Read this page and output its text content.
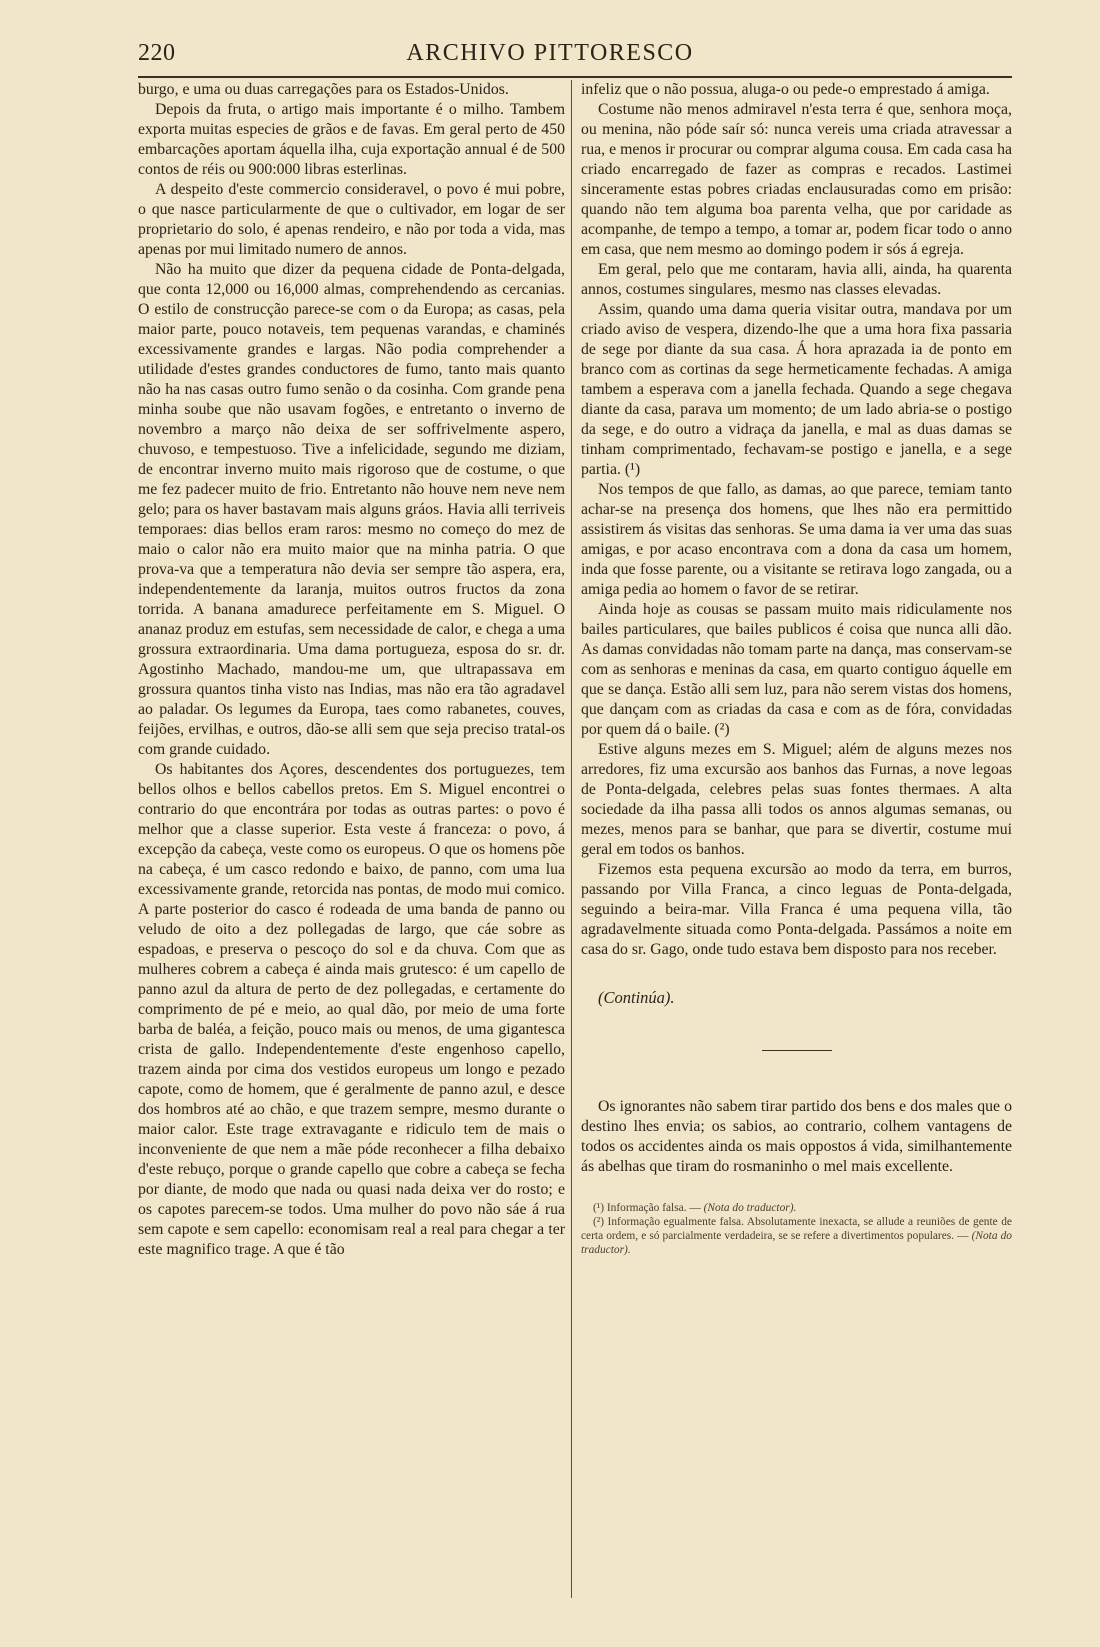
220	ARCHIVO PITTORESCO

burgo, e uma ou duas carregações para os Estados-Unidos.

Depois da fruta, o artigo mais importante é o milho. Tambem exporta muitas especies de grãos e de favas. Em geral perto de 450 embarcações aportam áquella ilha, cuja exportação annual é de 500 contos de réis ou 900:000 libras esterlinas.

A despeito d'este commercio consideravel, o povo é mui pobre, o que nasce particularmente de que o cultivador, em logar de ser proprietario do solo, é apenas rendeiro, e não por toda a vida, mas apenas por mui limitado numero de annos.

Não ha muito que dizer da pequena cidade de Ponta-delgada, que conta 12,000 ou 16,000 almas, comprehendendo as cercanias. O estilo de construcção parece-se com o da Europa; as casas, pela maior parte, pouco notaveis, tem pequenas varandas, e chaminés excessivamente grandes e largas. Não podia comprehender a utilidade d'estes grandes conductores de fumo, tanto mais quanto não ha nas casas outro fumo senão o da cosinha. Com grande pena minha soube que não usavam fogões, e entretanto o inverno de novembro a março não deixa de ser soffrivelmente aspero, chuvoso, e tempestuoso. Tive a infelicidade, segundo me diziam, de encontrar inverno muito mais rigoroso que de costume, o que me fez padecer muito de frio. Entretanto não houve nem neve nem gelo; para os haver bastavam mais alguns gráos. Havia alli terriveis temporaes: dias bellos eram raros: mesmo no começo do mez de maio o calor não era muito maior que na minha patria. O que prova-va que a temperatura não devia ser sempre tão aspera, era, independentemente da laranja, muitos outros fructos da zona torrida. A banana amadurece perfeitamente em S. Miguel. O ananaz produz em estufas, sem necessidade de calor, e chega a uma grossura extraordinaria. Uma dama portugueza, esposa do sr. dr. Agostinho Machado, mandou-me um, que ultrapassava em grossura quantos tinha visto nas Indias, mas não era tão agradavel ao paladar. Os legumes da Europa, taes como rabanetes, couves, feijões, ervilhas, e outros, dão-se alli sem que seja preciso tratal-os com grande cuidado.

Os habitantes dos Açores, descendentes dos portuguezes, tem bellos olhos e bellos cabellos pretos. Em S. Miguel encontrei o contrario do que encontrára por todas as outras partes: o povo é melhor que a classe superior. Esta veste á franceza: o povo, á excepção da cabeça, veste como os europeus. O que os homens põe na cabeça, é um casco redondo e baixo, de panno, com uma lua excessivamente grande, retorcida nas pontas, de modo mui comico. A parte posterior do casco é rodeada de uma banda de panno ou veludo de oito a dez pollegadas de largo, que cáe sobre as espadoas, e preserva o pescoço do sol e da chuva. Com que as mulheres cobrem a cabeça é ainda mais grutesco: é um capello de panno azul da altura de perto de dez pollegadas, e certamente do comprimento de pé e meio, ao qual dão, por meio de uma forte barba de baléa, a feição, pouco mais ou menos, de uma gigantesca crista de gallo. Independentemente d'este engenhoso capello, trazem ainda por cima dos vestidos europeus um longo e pezado capote, como de homem, que é geralmente de panno azul, e desce dos hombros até ao chão, e que trazem sempre, mesmo durante o maior calor. Este trage extravagante e ridiculo tem de mais o inconveniente de que nem a mãe póde reconhecer a filha debaixo d'este rebuço, porque o grande capello que cobre a cabeça se fecha por diante, de modo que nada ou quasi nada deixa ver do rosto; e os capotes parecem-se todos. Uma mulher do povo não sáe á rua sem capote e sem capello: economisam real a real para chegar a ter este magnifico trage. A que é tão

infeliz que o não possua, aluga-o ou pede-o emprestado á amiga.

Costume não menos admiravel n'esta terra é que, senhora moça, ou menina, não póde saír só: nunca vereis uma criada atravessar a rua, e menos ir procurar ou comprar alguma cousa. Em cada casa ha criado encarregado de fazer as compras e recados. Lastimei sinceramente estas pobres criadas enclausuradas como em prisão: quando não tem alguma boa parenta velha, que por caridade as acompanhe, de tempo a tempo, a tomar ar, podem ficar todo o anno em casa, que nem mesmo ao domingo podem ir sós á egreja.

Em geral, pelo que me contaram, havia alli, ainda, ha quarenta annos, costumes singulares, mesmo nas classes elevadas.

Assim, quando uma dama queria visitar outra, mandava por um criado aviso de vespera, dizendo-lhe que a uma hora fixa passaria de sege por diante da sua casa. Á hora aprazada ia de ponto em branco com as cortinas da sege hermeticamente fechadas. A amiga tambem a esperava com a janella fechada. Quando a sege chegava diante da casa, parava um momento; de um lado abria-se o postigo da sege, e do outro a vidraça da janella, e mal as duas damas se tinham comprimentado, fechavam-se postigo e janella, e a sege partia. (¹)

Nos tempos de que fallo, as damas, ao que parece, temiam tanto achar-se na presença dos homens, que lhes não era permittido assistirem ás visitas das senhoras. Se uma dama ia ver uma das suas amigas, e por acaso encontrava com a dona da casa um homem, inda que fosse parente, ou a visitante se retirava logo zangada, ou a amiga pedia ao homem o favor de se retirar.

Ainda hoje as cousas se passam muito mais ridiculamente nos bailes particulares, que bailes publicos é coisa que nunca alli dão. As damas convidadas não tomam parte na dança, mas conservam-se com as senhoras e meninas da casa, em quarto contiguo áquelle em que se dança. Estão alli sem luz, para não serem vistas dos homens, que dançam com as criadas da casa e com as de fóra, convidadas por quem dá o baile. (²)

Estive alguns mezes em S. Miguel; além de alguns mezes nos arredores, fiz uma excursão aos banhos das Furnas, a nove legoas de Ponta-delgada, celebres pelas suas fontes thermaes. A alta sociedade da ilha passa alli todos os annos algumas semanas, ou mezes, menos para se banhar, que para se divertir, costume mui geral em todos os banhos.

Fizemos esta pequena excursão ao modo da terra, em burros, passando por Villa Franca, a cinco leguas de Ponta-delgada, seguindo a beira-mar. Villa Franca é uma pequena villa, tão agradavelmente situada como Ponta-delgada. Passámos a noite em casa do sr. Gago, onde tudo estava bem disposto para nos receber.

(Continúa).

Os ignorantes não sabem tirar partido dos bens e dos males que o destino lhes envia; os sabios, ao contrario, colhem vantagens de todos os accidentes ainda os mais oppostos á vida, similhantemente ás abelhas que tiram do rosmaninho o mel mais excellente.

(¹) Informação falsa. — (Nota do traductor).

(²) Informação egualmente falsa. Absolutamente inexacta, se allude a reuniões de gente de certa ordem, e só parcialmente verdadeira, se se refere a divertimentos populares. — (Nota do traductor).
